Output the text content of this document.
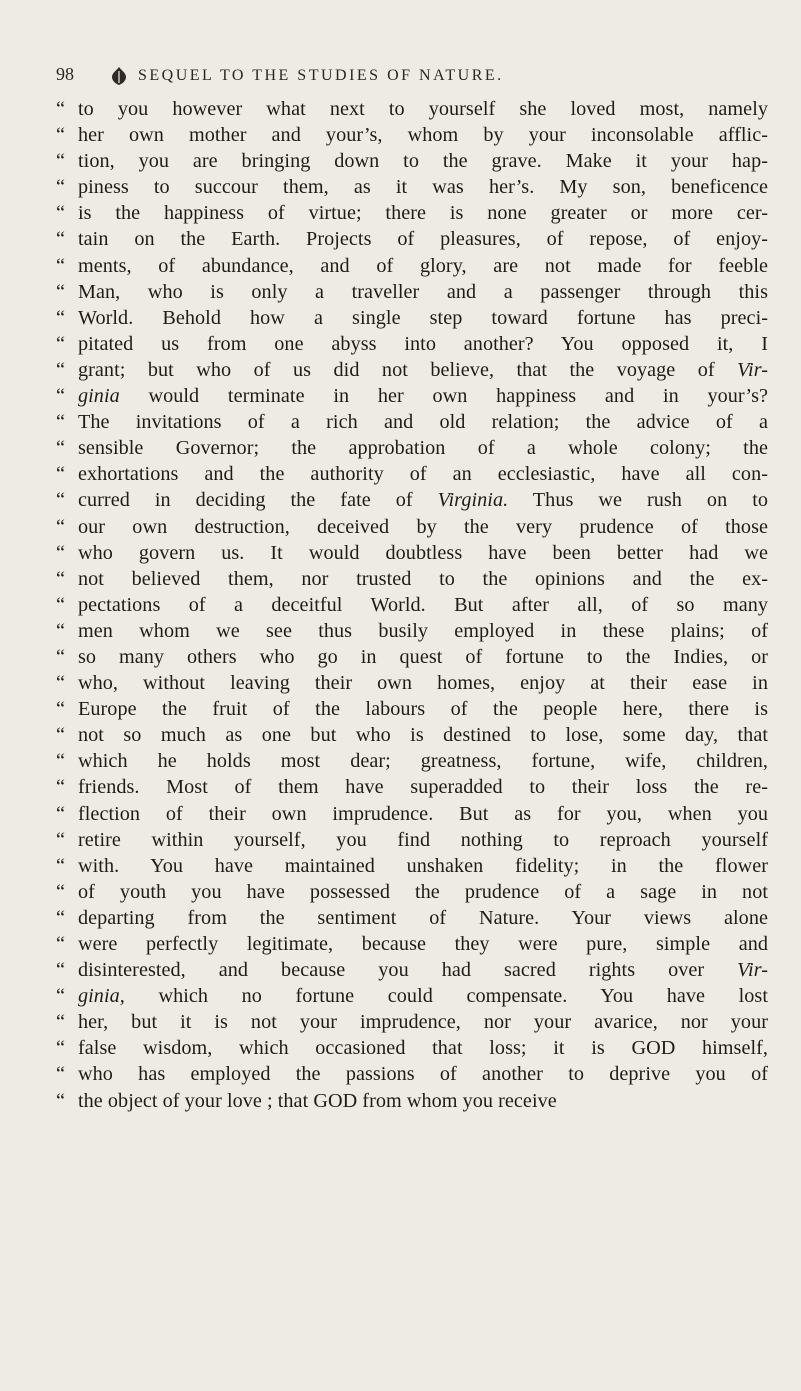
98	SEQUEL TO THE STUDIES OF NATURE.
“ to you however what next to yourself she loved most, namely
“ her own mother and your’s, whom by your inconsolable afflic-
“ tion, you are bringing down to the grave. Make it your hap-
“ piness to succour them, as it was her’s. My son, beneficence
“ is the happiness of virtue; there is none greater or more cer-
“ tain on the Earth. Projects of pleasures, of repose, of enjoy-
“ ments, of abundance, and of glory, are not made for feeble
“ Man, who is only a traveller and a passenger through this
“ World. Behold how a single step toward fortune has preci-
“ pitated us from one abyss into another? You opposed it, I
“ grant; but who of us did not believe, that the voyage of Vir-
“ ginia would terminate in her own happiness and in your’s?
“ The invitations of a rich and old relation; the advice of a
“ sensible Governor; the approbation of a whole colony; the
“ exhortations and the authority of an ecclesiastic, have all con-
“ curred in deciding the fate of Virginia. Thus we rush on to
“ our own destruction, deceived by the very prudence of those
“ who govern us. It would doubtless have been better had we
“ not believed them, nor trusted to the opinions and the ex-
“ pectations of a deceitful World. But after all, of so many
“ men whom we see thus busily employed in these plains; of
“ so many others who go in quest of fortune to the Indies, or
“ who, without leaving their own homes, enjoy at their ease in
“ Europe the fruit of the labours of the people here, there is
“ not so much as one but who is destined to lose, some day, that
“ which he holds most dear; greatness, fortune, wife, children,
“ friends. Most of them have superadded to their loss the re-
“ flection of their own imprudence. But as for you, when you
“ retire within yourself, you find nothing to reproach yourself
“ with. You have maintained unshaken fidelity; in the flower
“ of youth you have possessed the prudence of a sage in not
“ departing from the sentiment of Nature. Your views alone
“ were perfectly legitimate, because they were pure, simple and
“ disinterested, and because you had sacred rights over Vir-
“ ginia, which no fortune could compensate. You have lost
“ her, but it is not your imprudence, nor your avarice, nor your
“ false wisdom, which occasioned that loss; it is GOD himself,
“ who has employed the passions of another to deprive you of
“ the object of your love ; that GOD from whom you receive
